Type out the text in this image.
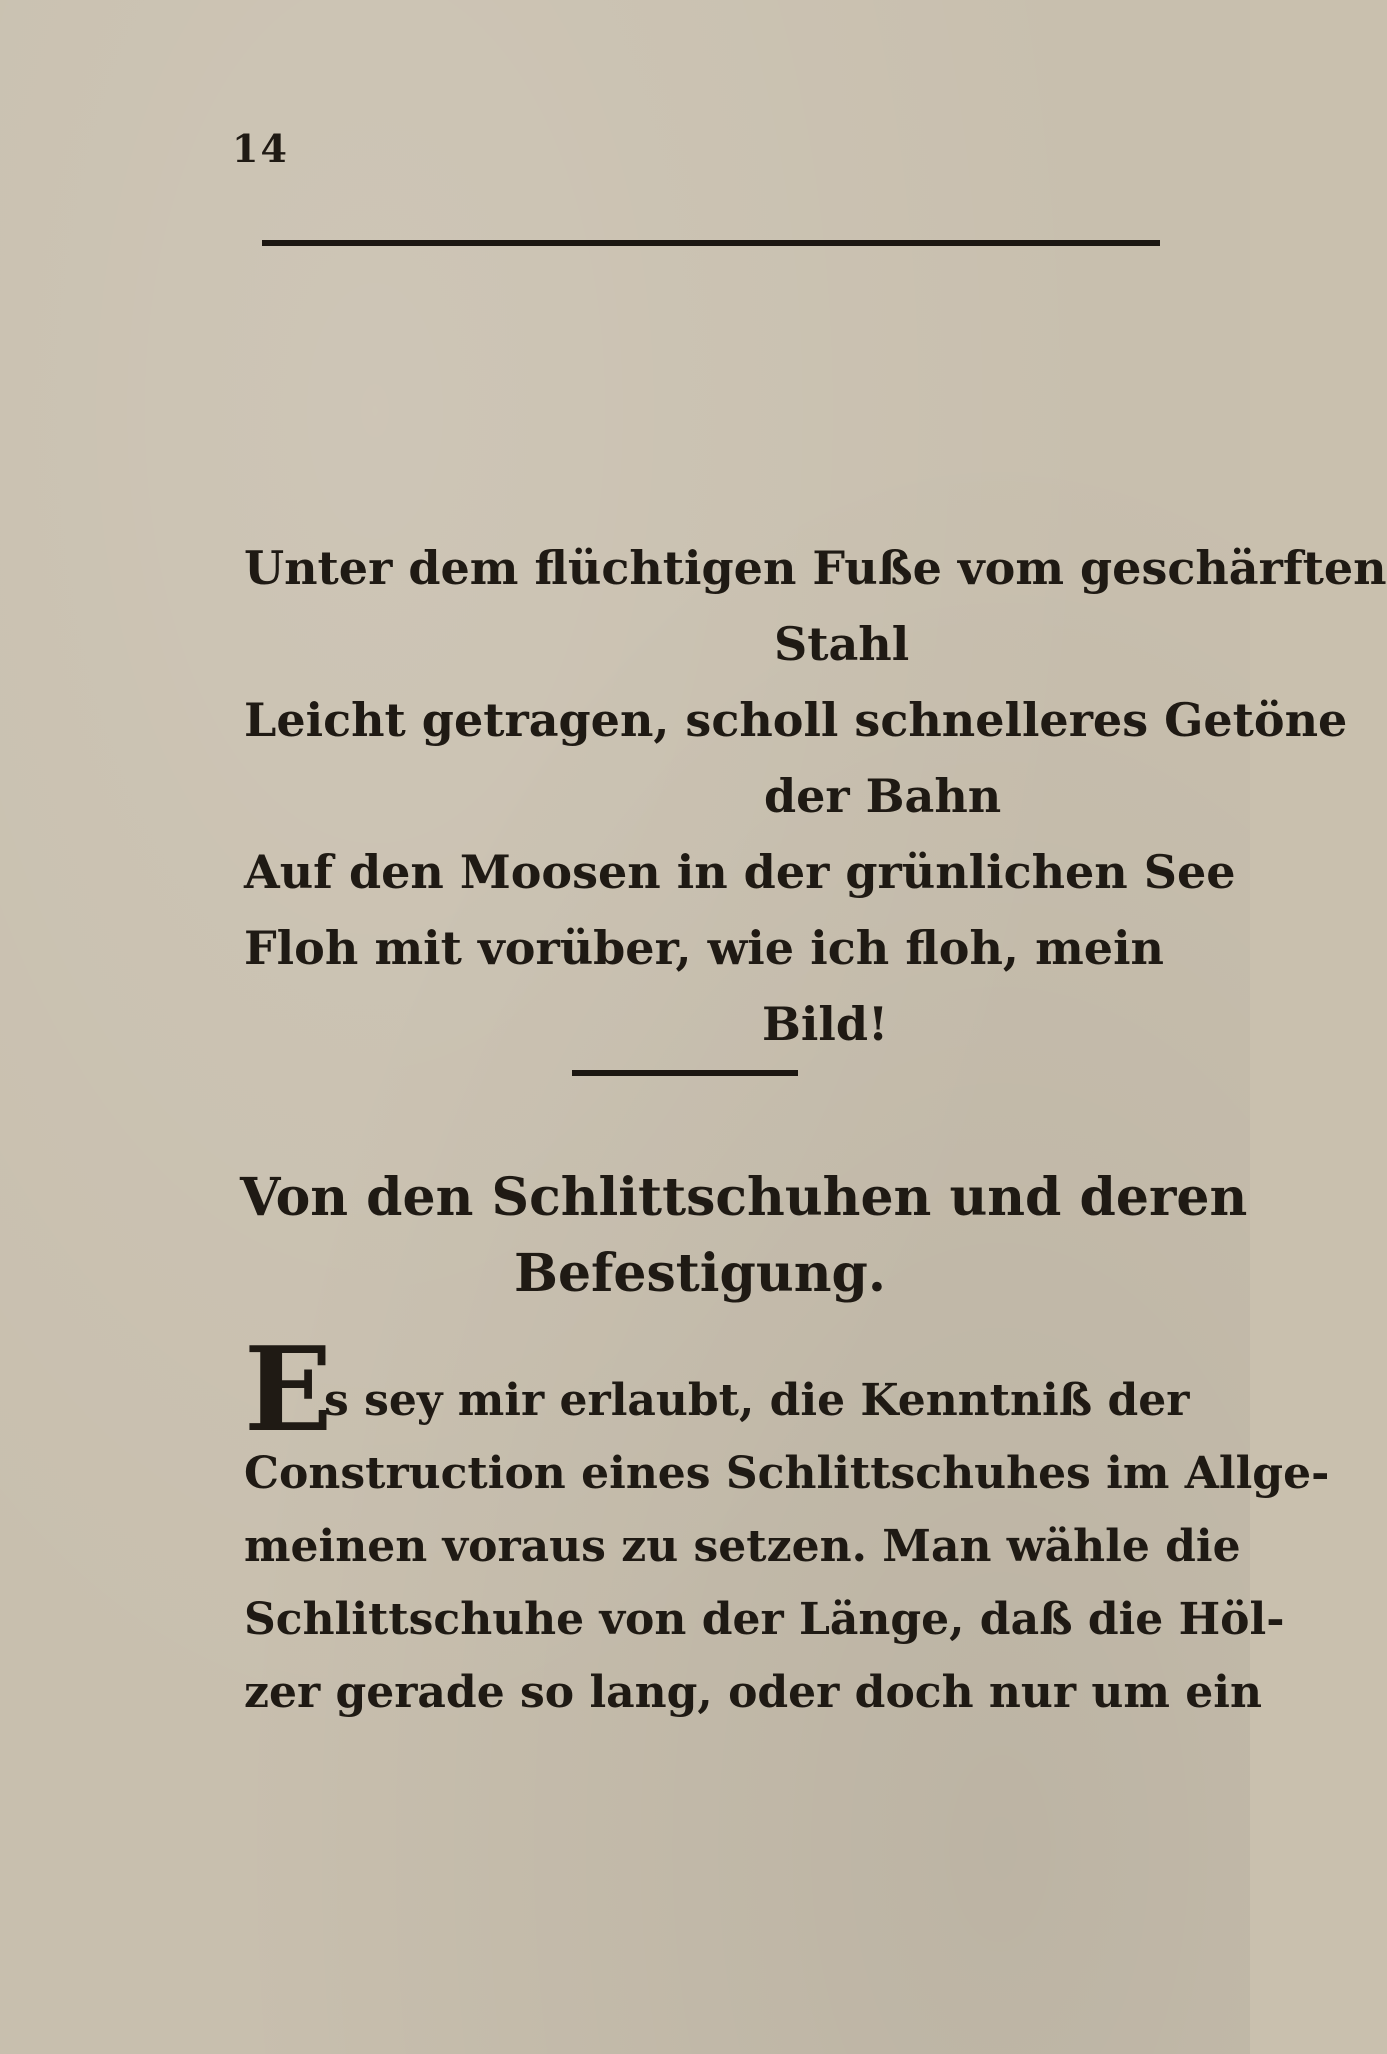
14
Unter dem flüchtigen Fuße vom geschärften
Stahl
Leicht getragen, scholl schnelleres Getöne
der Bahn
Auf den Moosen in der grünlichen See
Floh mit vorüber, wie ich floh, mein
Bild!
Von den Schlittschuhen und deren
Befestigung.
E
s sey mir erlaubt, die Kenntniß der
Construction eines Schlittschuhes im Allge-
meinen voraus zu setzen. Man wähle die
Schlittschuhe von der Länge, daß die Höl-
zer gerade so lang, oder doch nur um ein
